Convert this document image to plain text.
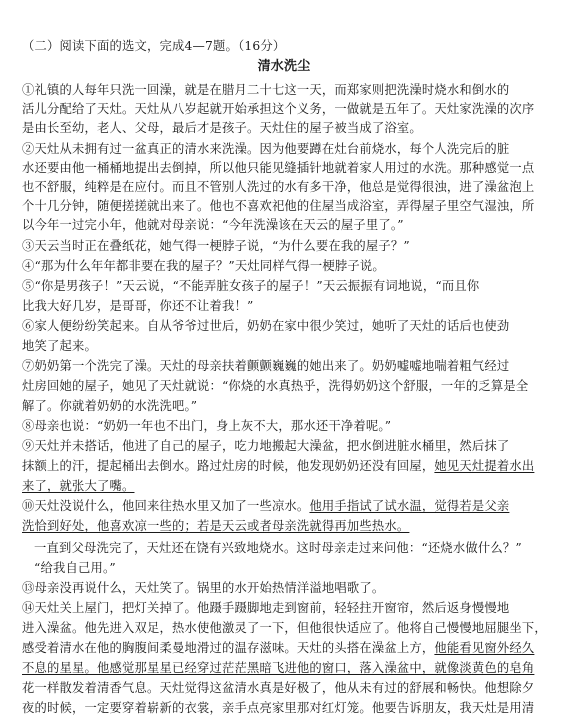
（二）阅读下面的选文，完成4—7题。（16分）
清水洗尘
①礼镇的人每年只洗一回澡，就是在腊月二十七这一天，而郑家则把洗澡时烧水和倒水的
活儿分配给了天灶。天灶从八岁起就开始承担这个义务，一做就是五年了。天灶家洗澡的次序
是由长至幼，老人、父母，最后才是孩子。天灶住的屋子被当成了浴室。
②天灶从未拥有过一盆真正的清水来洗澡。因为他要蹲在灶台前烧水，每个人洗完后的脏
水还要由他一桶桶地提出去倒掉，所以他只能见缝插针地就着家人用过的水洗。那种感觉一点
也不舒服，纯粹是在应付。而且不管别人洗过的水有多干净，他总是觉得很浊，进了澡盆泡上
个十几分钟，随便搓搓就出来了。他也不喜欢祀他的住屋当成浴室，弄得屋子里空气湿浊，所
以今年一过完小年，他就对母亲说：“今年洗澡该在天云的屋子里了。”
③天云当时正在叠纸花，她气得一梗脖子说，“为什么要在我的屋子？”
④“那为什么年年都非要在我的屋子？”天灶同样气得一梗脖子说。
⑤“你是男孩子！”天云说，“不能弄脏女孩子的屋子！”天云振振有词地说，“而且你
比我大好几岁，是哥哥，你还不让着我！”
⑥家人便纷纷笑起来。自从爷爷过世后，奶奶在家中很少笑过，她听了天灶的话后也使劲
地笑了起来。
⑦奶奶第一个洗完了澡。天灶的母亲扶着颤颤巍巍的她出来了。奶奶嘘嘘地喘着粗气经过
灶房回她的屋子，她见了天灶就说：“你烧的水真热乎，洗得奶奶这个舒服，一年的乏算是全
解了。你就着奶奶的水洗洗吧。”
⑧母亲也说：“奶奶一年也不出门，身上灰不大，那水还干净着呢。”
⑨天灶并未搭话，他进了自己的屋子，吃力地搬起大澡盆，把水倒进脏水桶里，然后抹了
抹额上的汗，提起桶出去倒水。路过灶房的时候，他发现奶奶还没有回屋，她见天灶提着水出
来了，就张大了嘴。
⑩天灶没说什么，他回来往热水里又加了一些凉水。他用手指试了试水温，觉得若是父亲
洗恰到好处，他喜欢凉一些的；若是天云或者母亲洗就得再加些热水。
一直到父母洗完了，天灶还在饶有兴致地烧水。这时母亲走过来问他：“还烧水做什么？”
“给我自己用。”
⑬母亲没再说什么，天灶笑了。锅里的水开始热情洋溢地唱歌了。
⑭天灶关上屋门，把灯关掉了。他蹑手蹑脚地走到窗前，轻轻拄开窗帘，然后返身慢慢地
进入澡盆。他先进入双足，热水使他激灵了一下，但他很快适应了。他将自己慢慢地屈腿坐下，
感受着清水在他的胸腹间柔曼地滑过的温存滋味。天灶的头搭在澡盆上方，他能看见窗外经久
不息的星星。他感觉那星星已经穿过茫茫黑暗飞进他的窗口，落入澡盆中，就像淡黄色的皂角
花一样散发着清香气息。天灶觉得这盆清水真是好极了，他从未有过的舒展和畅快。他想除夕
夜的时候，一定要穿着崭新的衣裳，亲手点亮家里那对红灯笼。他要告诉朋友，我天灶是用清
